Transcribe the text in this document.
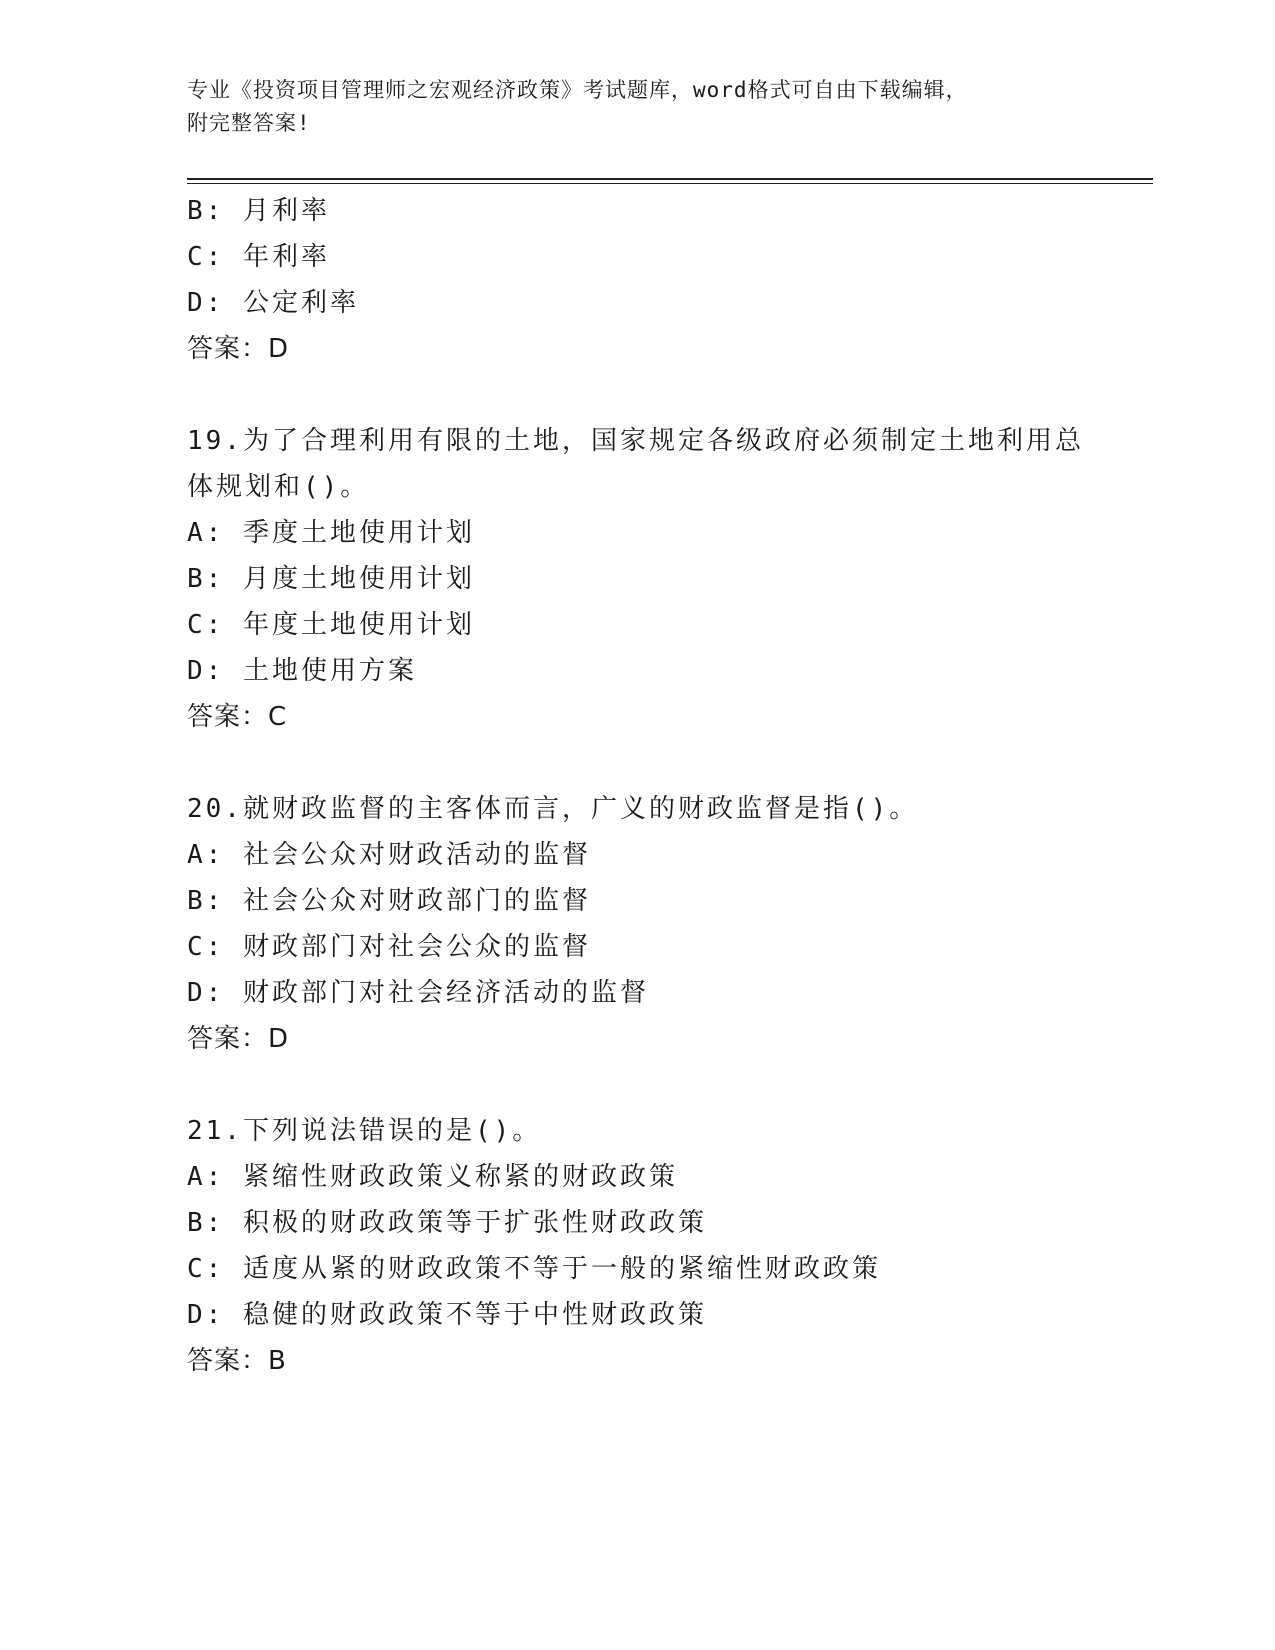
专业《投资项目管理师之宏观经济政策》考试题库，word格式可自由下载编辑，
附完整答案!
B: 月利率
C: 年利率
D: 公定利率
答案：D
19.为了合理利用有限的土地，国家规定各级政府必须制定土地利用总
体规划和()。
A: 季度土地使用计划
B: 月度土地使用计划
C: 年度土地使用计划
D: 土地使用方案
答案：C
20.就财政监督的主客体而言，广义的财政监督是指()。
A: 社会公众对财政活动的监督
B: 社会公众对财政部门的监督
C: 财政部门对社会公众的监督
D: 财政部门对社会经济活动的监督
答案：D
21.下列说法错误的是()。
A: 紧缩性财政政策义称紧的财政政策
B: 积极的财政政策等于扩张性财政政策
C: 适度从紧的财政政策不等于一般的紧缩性财政政策
D: 稳健的财政政策不等于中性财政政策
答案：B
